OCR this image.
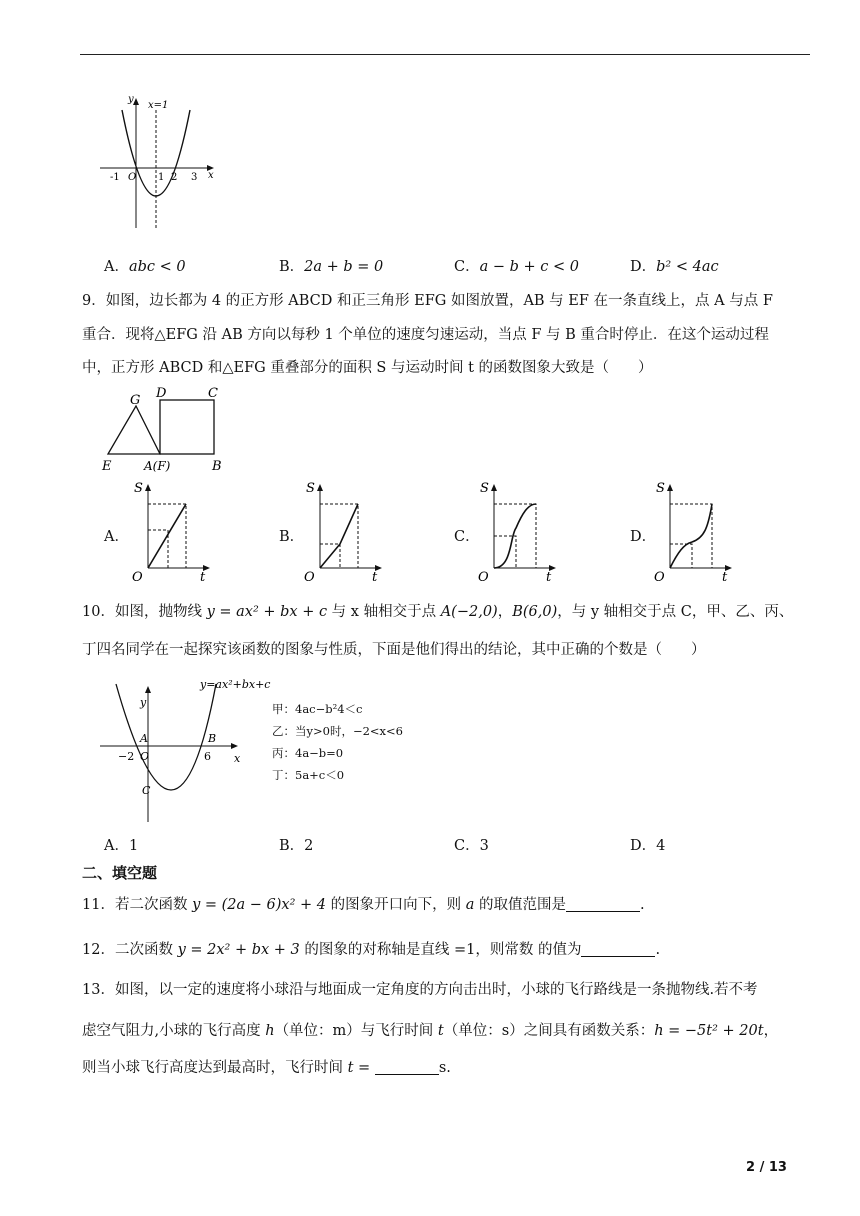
y
x
x=1
-1 O 1 2 3
A．abc < 0	B．2a + b = 0	C．a − b + c < 0	D．b² < 4ac
9．如图，边长都为 4 的正方形 ABCD 和正三角形 EFG 如图放置，AB 与 EF 在一条直线上，点 A 与点 F
重合．现将△EFG 沿 AB 方向以每秒 1 个单位的速度匀速运动，当点 F 与 B 重合时停止．在这个运动过程
中，正方形 ABCD 和△EFG 重叠部分的面积 S 与运动时间 t 的函数图象大致是（　　）
G D	C
E	A(F)	B
A．	B．	C．	D．
S
O	t
S
O	t
S
O	t
S
O	t
10．如图，抛物线 y = ax² + bx + c 与 x 轴相交于点 A(−2,0)，B(6,0)，与 y 轴相交于点 C，甲、乙、丙、
丁四名同学在一起探究该函数的图象与性质，下面是他们得出的结论，其中正确的个数是（　　）
y=ax²+bx+c
y
x
A	B
O
C
−2	6
甲：4ac−b²4＜c
乙：当y>0时，−2<x<6
丙：4a−b=0
丁：5a+c＜0
A．1	B．2	C．3	D．4
二、填空题
11．若二次函数 y = (2a − 6)x² + 4 的图象开口向下，则 a 的取值范围是	.
12．二次函数 y = 2x² + bx + 3 的图象的对称轴是直线 =1，则常数 的值为	.
13．如图，以一定的速度将小球沿与地面成一定角度的方向击出时，小球的飞行路线是一条抛物线.若不考
虑空气阻力,小球的飞行高度 h（单位：m）与飞行时间 t（单位：s）之间具有函数关系：h = −5t² + 20t，
则当小球飞行高度达到最高时，飞行时间 t =	s.
2 / 13
